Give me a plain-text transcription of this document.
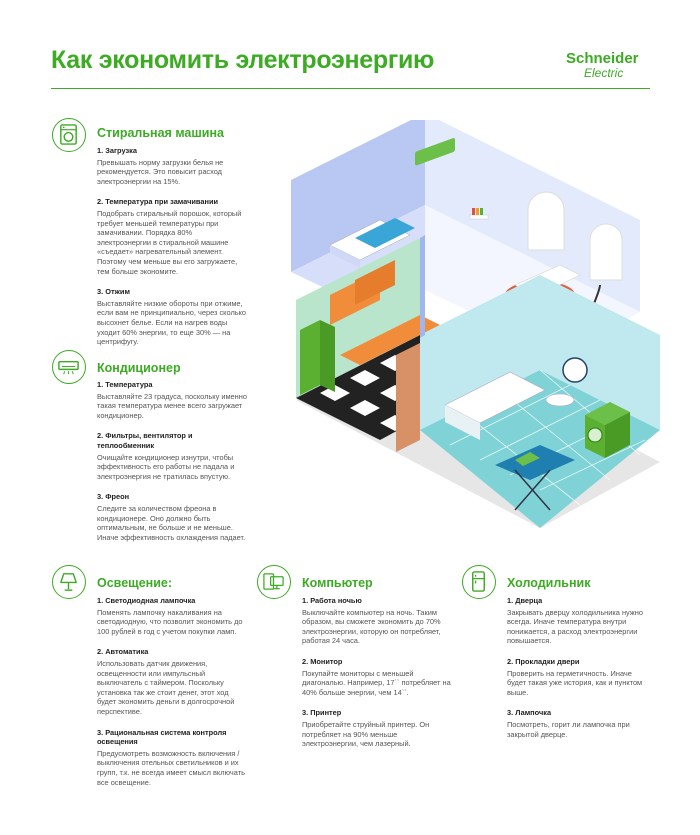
Как экономить электроэнергию	Schneider
Electric
Стиральная машина
1. Загрузка
Превышать норму загрузки белья не рекомендуется. Это повысит расход электроэнергии на 15%.
2. Температура при замачивании
Подобрать стиральный порошок, который требует меньшей температуры при замачивании. Порядка 80% электроэнергии в стиральной машине «съедает» нагревательный элемент. Поэтому чем меньше вы его загружаете, тем больше экономите.
3. Отжим
Выставляйте низкие обороты при отжиме, если вам не принципиально, через сколько высохнет белье. Если на нагрев воды уходит 60% энергии, то еще 30% — на центрифугу.
Кондиционер
1. Температура
Выставляйте 23 градуса, поскольку именно такая температура менее всего загружает кондиционер.
2. Фильтры, вентилятор и теплообменник
Очищайте кондиционер изнутри, чтобы эффективность его работы не падала и электроэнергия не тратилась впустую.
3. Фреон
Следите за количеством фреона в кондиционере. Оно должно быть оптимальным, не больше и не меньше. Иначе эффективность охлаждения падает.
Освещение:
1. Светодиодная лампочка
Поменять лампочку накаливания на светодиодную, что позволит экономить до 100 рублей в год с учетом покупки ламп.
2. Автоматика
Использовать датчик движения, освещенности или импульсный выключатель с таймером. Поскольку установка так же стоит денег, этот ход будет экономить деньги в долгосрочной перспективе.
3. Рациональная система контроля освещения
Предусмотреть возможность включения / выключения отельных светильников и их групп, т.к. не всегда имеет смысл включать все освещение.
Компьютер
1. Работа ночью
Выключайте компьютер на ночь. Таким образом, вы сможете экономить до 70% электроэнергии, которую он потребляет, работая 24 часа.
2. Монитор
Покупайте мониторы с меньшей диагональю. Например, 17`` потребляет на 40% больше энергии, чем 14``.
3. Принтер
Приобретайте струйный принтер. Он потребляет на 90% меньше электроэнергии, чем лазерный.
Холодильник
1. Дверца
Закрывать дверцу холодильника нужно всегда. Иначе температура внутри понижается, а расход электроэнергии повышается.
2. Прокладки двери
Проверить на герметичность. Иначе будет такая уже история, как и пунктом выше.
3. Лампочка
Посмотреть, горит ли лампочка при закрытой дверце.
